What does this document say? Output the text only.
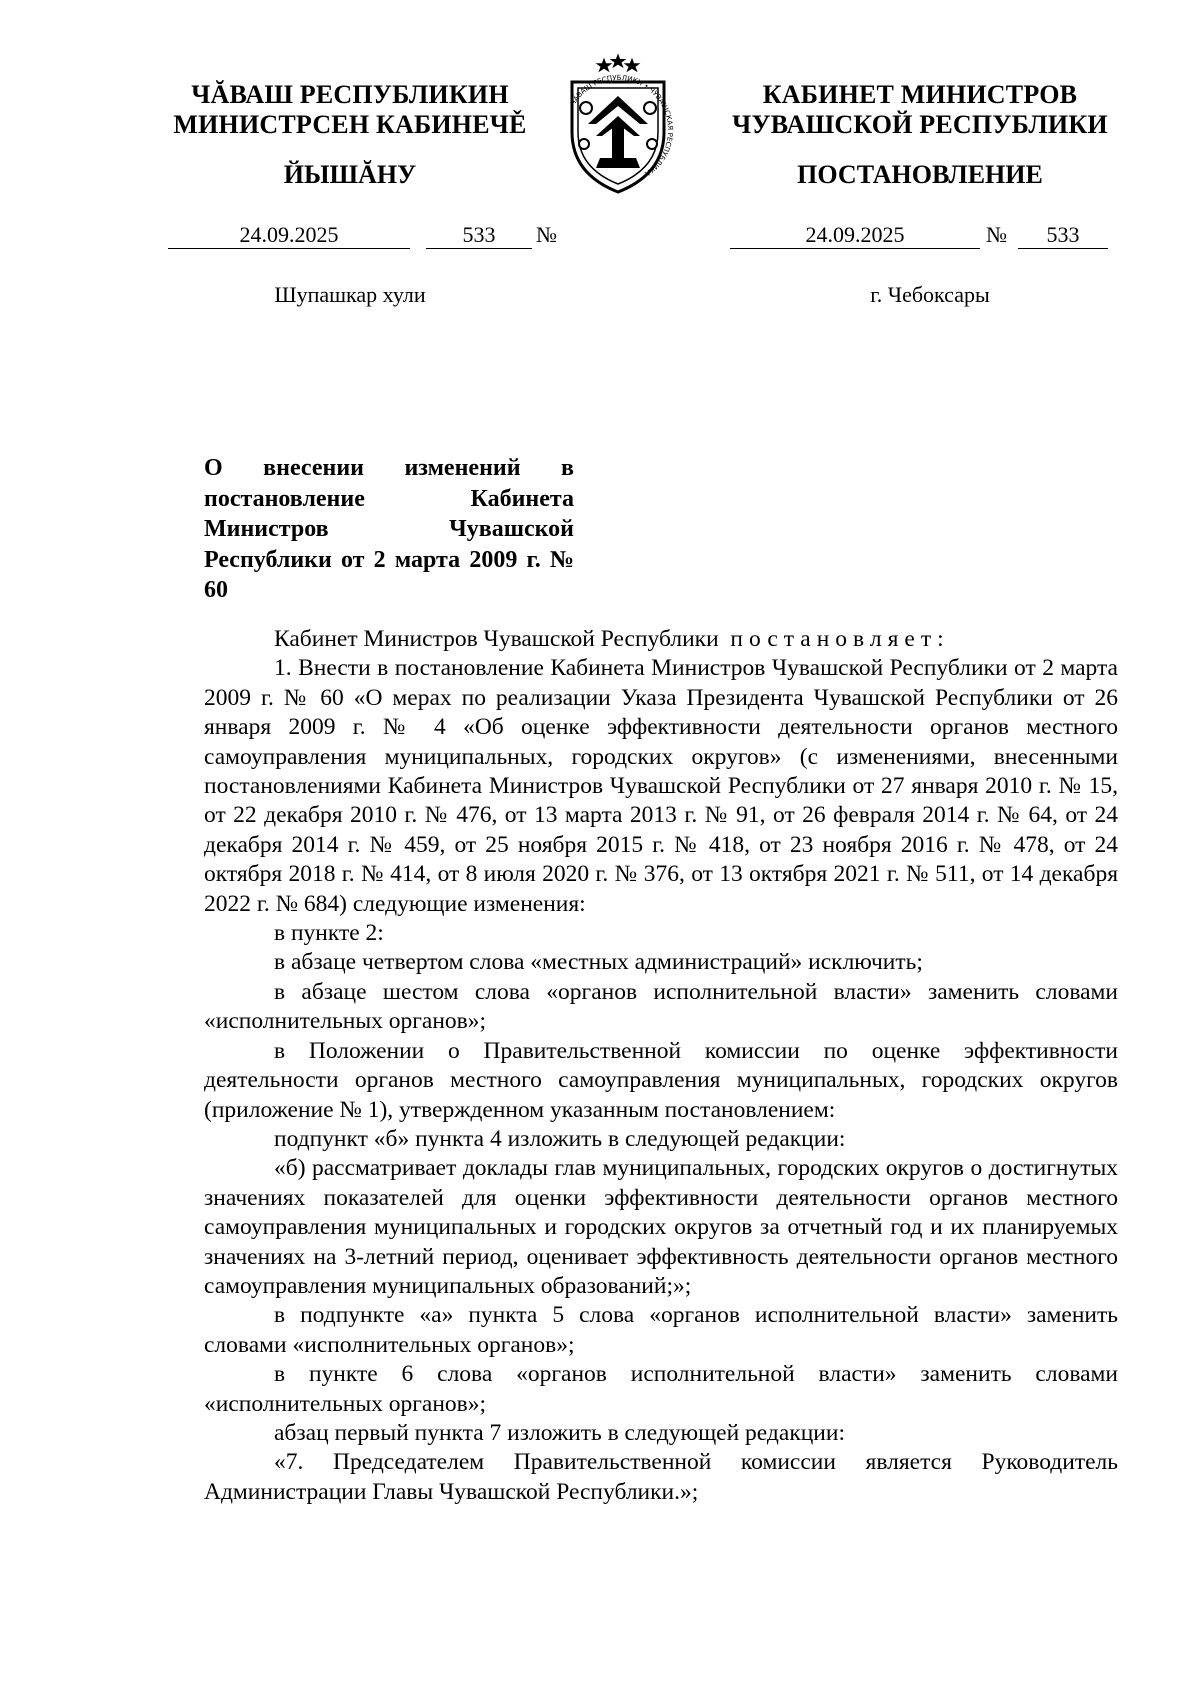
ЧĂВАШ РЕСПУБЛИКИН
МИНИСТРСЕН КАБИНЕЧĚ
ЙЫШĂНУ
КАБИНЕТ МИНИСТРОВ
ЧУВАШСКОЙ РЕСПУБЛИКИ
ПОСТАНОВЛЕНИЕ
ЧĂВАШ РЕСПУБЛИКИ • ЧУВАШСКАЯ РЕСПУБЛИКА
24.09.2025	533	№	24.09.2025	№	533
Шупашкар хули	г. Чебоксары
О внесении изменений в постановление Кабинета Министров Чувашской Республики от 2 марта 2009 г. № 60

Кабинет Министров Чувашской Республики постановляет:

1. Внести в постановление Кабинета Министров Чувашской Республики от 2 марта 2009 г. № 60 «О мерах по реализации Указа Президента Чувашской Республики от 26 января 2009 г. № 4 «Об оценке эффективности деятельности органов местного самоуправления муниципальных, городских округов» (с изменениями, внесенными постановлениями Кабинета Министров Чувашской Республики от 27 января 2010 г. № 15, от 22 декабря 2010 г. № 476, от 13 марта 2013 г. № 91, от 26 февраля 2014 г. № 64, от 24 декабря 2014 г. № 459, от 25 ноября 2015 г. № 418, от 23 ноября 2016 г. № 478, от 24 октября 2018 г. № 414, от 8 июля 2020 г. № 376, от 13 октября 2021 г. № 511, от 14 декабря 2022 г. № 684) следующие изменения:

в пункте 2:

в абзаце четвертом слова «местных администраций» исключить;

в абзаце шестом слова «органов исполнительной власти» заменить словами «исполнительных органов»;

в Положении о Правительственной комиссии по оценке эффективности деятельности органов местного самоуправления муниципальных, городских округов (приложение № 1), утвержденном указанным постановлением:

подпункт «б» пункта 4 изложить в следующей редакции:

«б) рассматривает доклады глав муниципальных, городских округов о достигнутых значениях показателей для оценки эффективности деятельности органов местного самоуправления муниципальных и городских округов за отчетный год и их планируемых значениях на 3-летний период, оценивает эффективность деятельности органов местного самоуправления муниципальных образований;»;

в подпункте «а» пункта 5 слова «органов исполнительной власти» заменить словами «исполнительных органов»;

в пункте 6 слова «органов исполнительной власти» заменить словами «исполнительных органов»;

абзац первый пункта 7 изложить в следующей редакции:

«7. Председателем Правительственной комиссии является Руководитель Администрации Главы Чувашской Республики.»;
